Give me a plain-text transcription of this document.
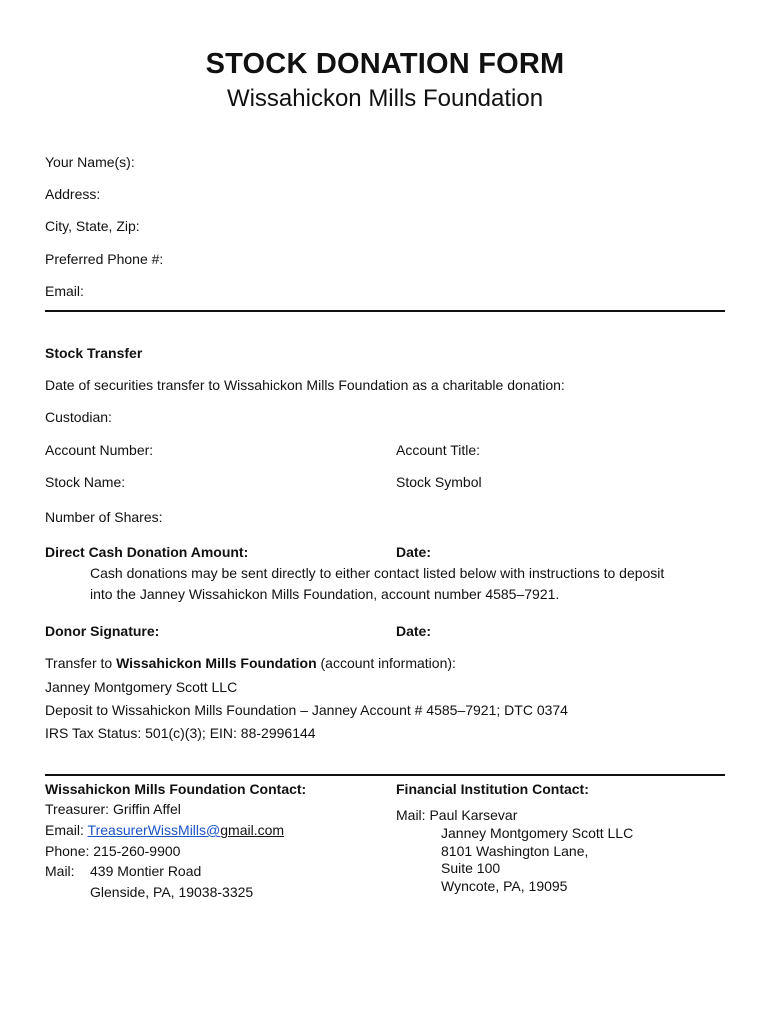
STOCK DONATION FORM
Wissahickon Mills Foundation
Your Name(s):
Address:
City, State, Zip:
Preferred Phone #:
Email:
Stock Transfer
Date of securities transfer to Wissahickon Mills Foundation as a charitable donation:
Custodian:
Account Number:	Account Title:
Stock Name:	Stock Symbol
Number of Shares:
Direct Cash Donation Amount:	Date:
Cash donations may be sent directly to either contact listed below with instructions to deposit
into the Janney Wissahickon Mills Foundation, account number 4585–7921.
Donor Signature:	Date:
Transfer to Wissahickon Mills Foundation (account information):
Janney Montgomery Scott LLC
Deposit to Wissahickon Mills Foundation – Janney Account # 4585–7921; DTC 0374
IRS Tax Status: 501(c)(3); EIN: 88-2996144
Wissahickon Mills Foundation Contact:
Treasurer: Griffin Affel
Email: TreasurerWissMills@gmail.com
Phone: 215-260-9900
Mail: 439 Montier Road
Glenside, PA, 19038-3325
Financial Institution Contact:
Mail: Paul Karsevar
Janney Montgomery Scott LLC
8101 Washington Lane,
Suite 100
Wyncote, PA, 19095
